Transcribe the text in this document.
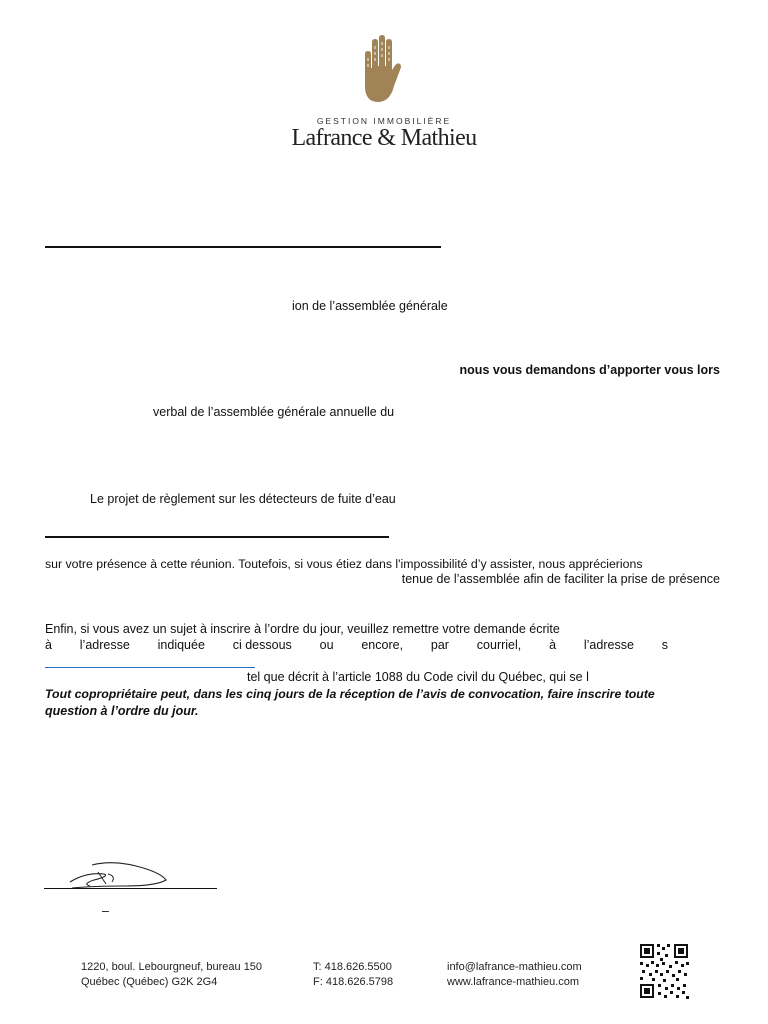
GESTION IMMOBILIÈRE
Lafrance & Mathieu
ion de l’assemblée générale
nous vous demandons d’apporter vous lors
verbal de l’assemblée générale annuelle du
Le projet de règlement sur les détecteurs de fuite d’eau
sur votre présence à cette réunion. Toutefois, si vous étiez dans l'impossibilité d’y assister, nous apprécierions
tenue de l’assemblée afin de faciliter la prise de présence
Enfin, si vous avez un sujet à inscrire à l’ordre du jour, veuillez remettre votre demande écrite
à l’adresse indiquée ci dessous ou encore, par courriel, à l’adresse s
tel que décrit à l’article 1088 du Code civil du Québec, qui se l
Tout copropriétaire peut, dans les cinq jours de la réception de l’avis de convocation, faire inscrire toute
question à l’ordre du jour.
–
1220, boul. Lebourgneuf, bureau 150
Québec (Québec) G2K 2G4
T: 418.626.5500
F: 418.626.5798
info@lafrance-mathieu.com
www.lafrance-mathieu.com
